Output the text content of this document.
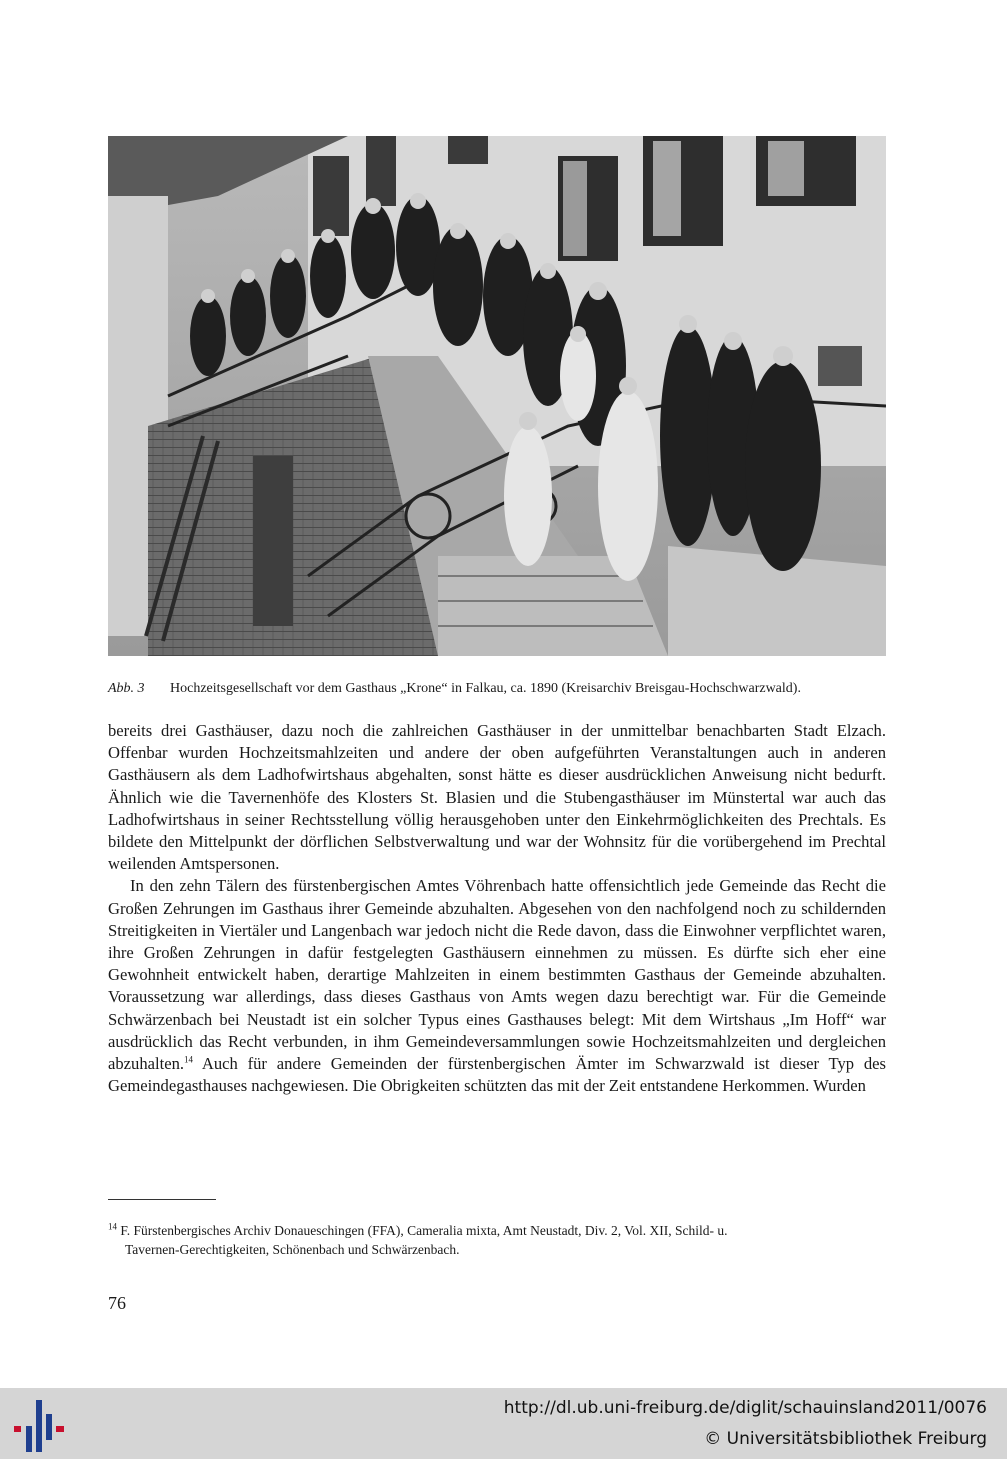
Abb. 3 Hochzeitsgesellschaft vor dem Gasthaus „Krone“ in Falkau, ca. 1890 (Kreisarchiv Breisgau-Hochschwarzwald).

bereits drei Gasthäuser, dazu noch die zahlreichen Gasthäuser in der unmittelbar benachbarten Stadt Elzach. Offenbar wurden Hochzeitsmahlzeiten und andere der oben aufgeführten Veranstaltungen auch in anderen Gasthäusern als dem Ladhofwirtshaus abgehalten, sonst hätte es dieser ausdrücklichen Anweisung nicht bedurft. Ähnlich wie die Tavernenhöfe des Klosters St. Blasien und die Stubengasthäuser im Münstertal war auch das Ladhofwirtshaus in seiner Rechtsstellung völlig herausgehoben unter den Einkehrmöglichkeiten des Prechtals. Es bildete den Mittelpunkt der dörflichen Selbstverwaltung und war der Wohnsitz für die vorübergehend im Prechtal weilenden Amtspersonen.

In den zehn Tälern des fürstenbergischen Amtes Vöhrenbach hatte offensichtlich jede Gemeinde das Recht die Großen Zehrungen im Gasthaus ihrer Gemeinde abzuhalten. Abgesehen von den nachfolgend noch zu schildernden Streitigkeiten in Viertäler und Langenbach war jedoch nicht die Rede davon, dass die Einwohner verpflichtet waren, ihre Großen Zehrungen in dafür festgelegten Gasthäusern einnehmen zu müssen. Es dürfte sich eher eine Gewohnheit entwickelt haben, derartige Mahlzeiten in einem bestimmten Gasthaus der Gemeinde abzuhalten. Voraussetzung war allerdings, dass dieses Gasthaus von Amts wegen dazu berechtigt war. Für die Gemeinde Schwärzenbach bei Neustadt ist ein solcher Typus eines Gasthauses belegt: Mit dem Wirtshaus „Im Hoff“ war ausdrücklich das Recht verbunden, in ihm Gemeindeversammlungen sowie Hochzeitsmahlzeiten und dergleichen abzuhalten.$^{14}$ Auch für andere Gemeinden der fürstenbergischen Ämter im Schwarzwald ist dieser Typ des Gemeindegasthauses nachgewiesen. Die Obrigkeiten schützten das mit der Zeit entstandene Herkommen. Wurden

$^{14}$ F. Fürstenbergisches Archiv Donaueschingen (FFA), Cameralia mixta, Amt Neustadt, Div. 2, Vol. XII, Schild- u.
Tavernen-Gerechtigkeiten, Schönenbach und Schwärzenbach.
76
http://dl.ub.uni-freiburg.de/diglit/schauinsland2011/0076
© Universitätsbibliothek Freiburg
